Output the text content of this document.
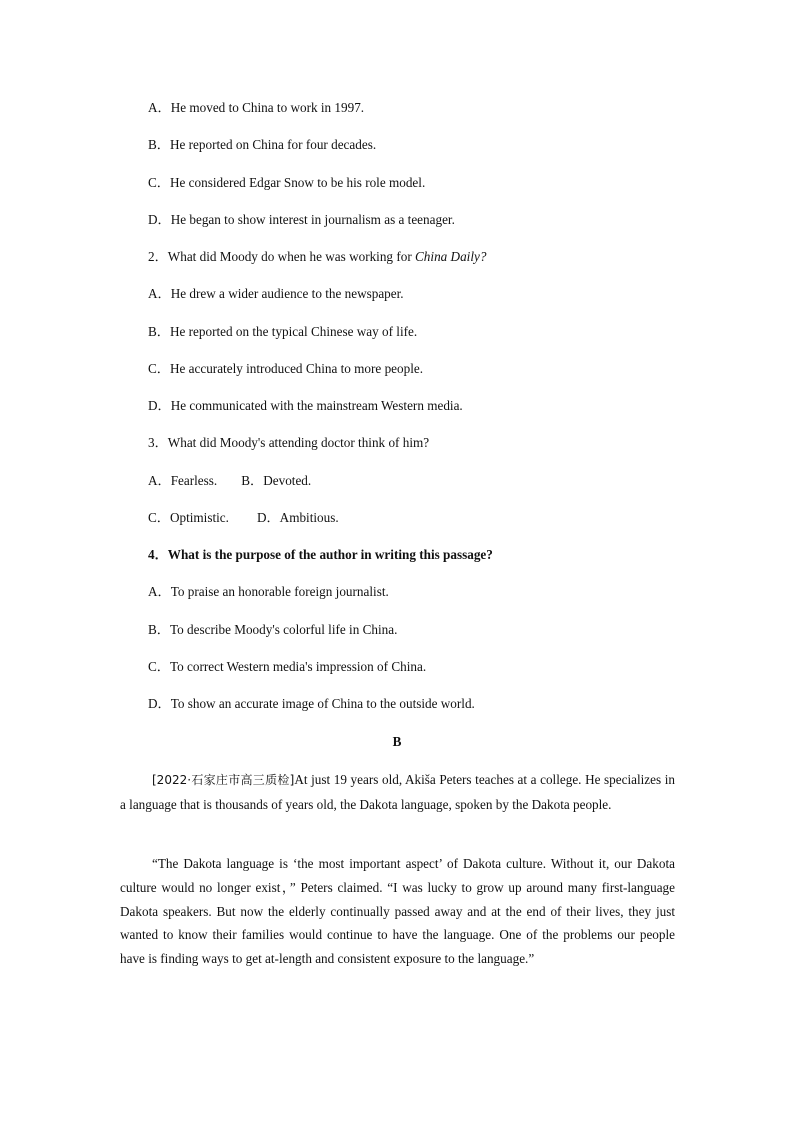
A．He moved to China to work in 1997.
B．He reported on China for four decades.
C．He considered Edgar Snow to be his role model.
D．He began to show interest in journalism as a teenager.
2．What did Moody do when he was working for China Daily?
A．He drew a wider audience to the newspaper.
B．He reported on the typical Chinese way of life.
C．He accurately introduced China to more people.
D．He communicated with the mainstream Western media.
3．What did Moody's attending doctor think of him?
A．Fearless. B．Devoted.
C．Optimistic. D．Ambitious.
4．What is the purpose of the author in writing this passage?
A．To praise an honorable foreign journalist.
B．To describe Moody's colorful life in China.
C．To correct Western media's impression of China.
D．To show an accurate image of China to the outside world.
B
[2022·石家庄市高三质检]At just 19 years old, Akiša Peters teaches at a college. He specializes in a language that is thousands of years old, the Dakota language, spoken by the Dakota people.
“The Dakota language is ‘the most important aspect’ of Dakota culture. Without it, our Dakota culture would no longer exist，” Peters claimed. “I was lucky to grow up around many first-language Dakota speakers. But now the elderly continually passed away and at the end of their lives, they just wanted to know their families would continue to have the language. One of the problems our people have is finding ways to get at-length and consistent exposure to the language.”
